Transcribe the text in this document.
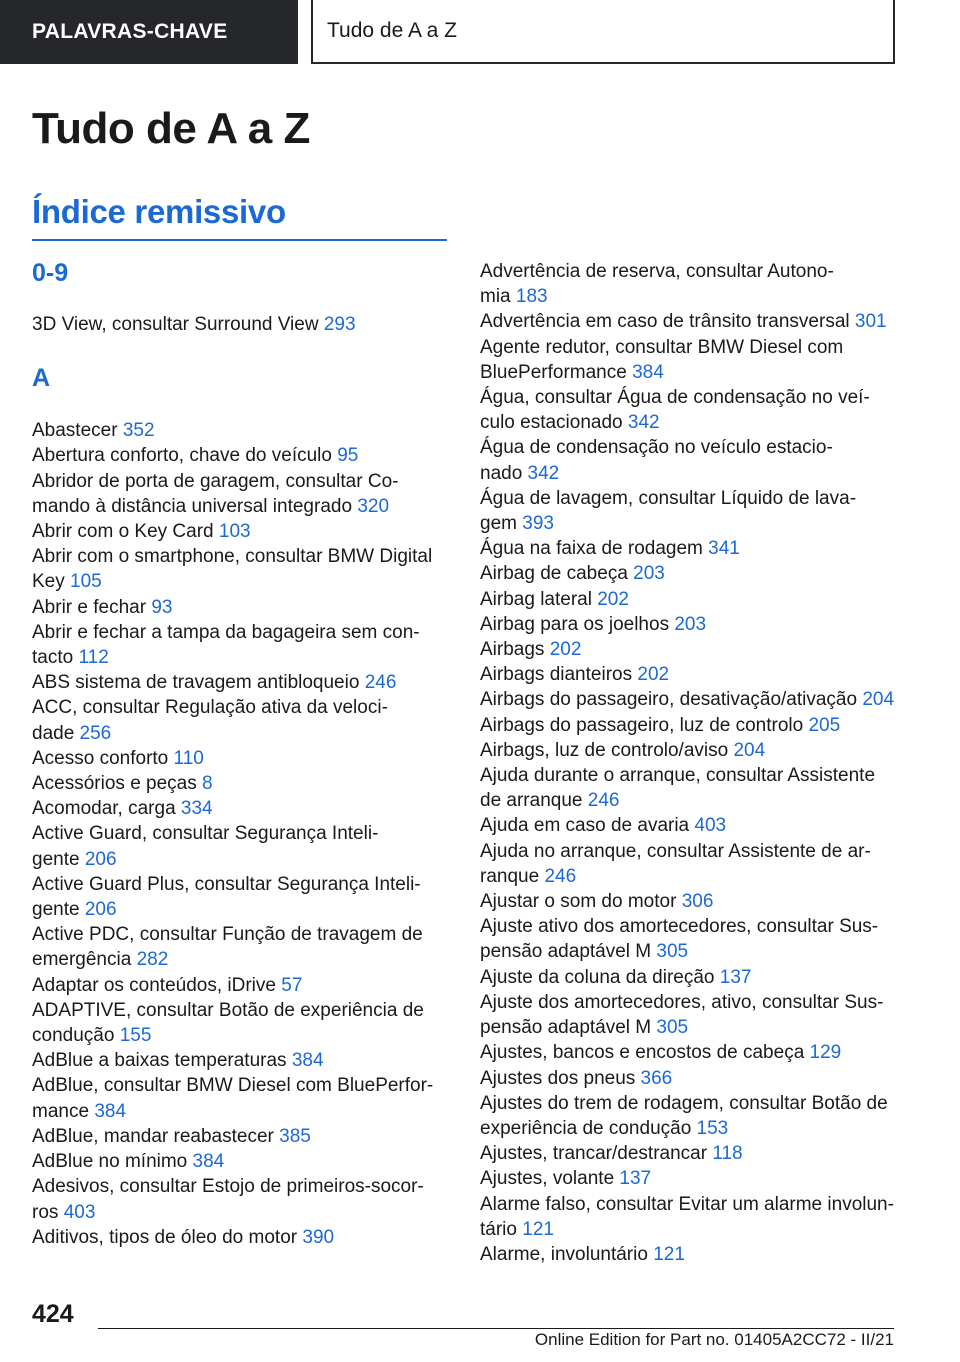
PALAVRAS-CHAVE	Tudo de A a Z
Tudo de A a Z
Índice remissivo
0-9
3D View, consultar Surround View 293
A
Abastecer 352
Abertura conforto, chave do veículo 95
Abridor de porta de garagem, consultar Co-
mando à distância universal integrado 320
Abrir com o Key Card 103
Abrir com o smartphone, consultar BMW Digital
Key 105
Abrir e fechar 93
Abrir e fechar a tampa da bagageira sem con-
tacto 112
ABS sistema de travagem antibloqueio 246
ACC, consultar Regulação ativa da veloci-
dade 256
Acesso conforto 110
Acessórios e peças 8
Acomodar, carga 334
Active Guard, consultar Segurança Inteli-
gente 206
Active Guard Plus, consultar Segurança Inteli-
gente 206
Active PDC, consultar Função de travagem de
emergência 282
Adaptar os conteúdos, iDrive 57
ADAPTIVE, consultar Botão de experiência de
condução 155
AdBlue a baixas temperaturas 384
AdBlue, consultar BMW Diesel com BluePerfor-
mance 384
AdBlue, mandar reabastecer 385
AdBlue no mínimo 384
Adesivos, consultar Estojo de primeiros-socor-
ros 403
Aditivos, tipos de óleo do motor 390
Advertência de reserva, consultar Autono-
mia 183
Advertência em caso de trânsito transversal 301
Agente redutor, consultar BMW Diesel com
BluePerformance 384
Água, consultar Água de condensação no veí-
culo estacionado 342
Água de condensação no veículo estacio-
nado 342
Água de lavagem, consultar Líquido de lava-
gem 393
Água na faixa de rodagem 341
Airbag de cabeça 203
Airbag lateral 202
Airbag para os joelhos 203
Airbags 202
Airbags dianteiros 202
Airbags do passageiro, desativação/ativação 204
Airbags do passageiro, luz de controlo 205
Airbags, luz de controlo/aviso 204
Ajuda durante o arranque, consultar Assistente
de arranque 246
Ajuda em caso de avaria 403
Ajuda no arranque, consultar Assistente de ar-
ranque 246
Ajustar o som do motor 306
Ajuste ativo dos amortecedores, consultar Sus-
pensão adaptável M 305
Ajuste da coluna da direção 137
Ajuste dos amortecedores, ativo, consultar Sus-
pensão adaptável M 305
Ajustes, bancos e encostos de cabeça 129
Ajustes dos pneus 366
Ajustes do trem de rodagem, consultar Botão de
experiência de condução 153
Ajustes, trancar/destrancar 118
Ajustes, volante 137
Alarme falso, consultar Evitar um alarme involun-
tário 121
Alarme, involuntário 121
424
Online Edition for Part no. 01405A2CC72 - II/21
